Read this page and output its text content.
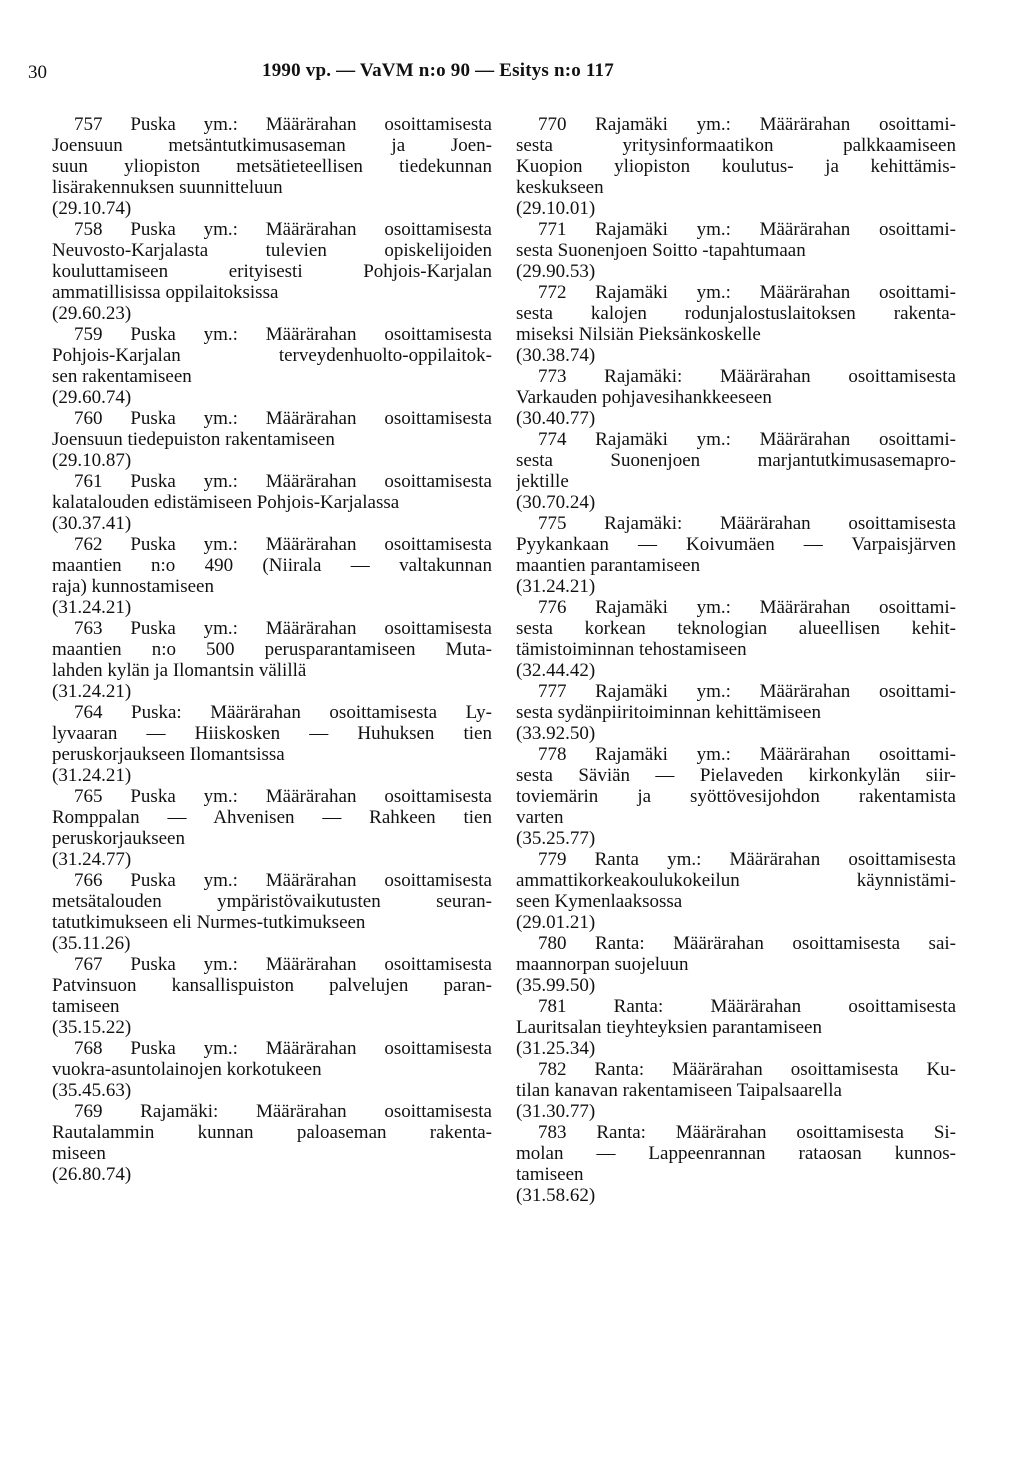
30	1990 vp. — VaVM n:o 90 — Esitys n:o 117
757 Puska ym.: Määrärahan osoittamisesta
Joensuun metsäntutkimusaseman ja Joen-
suun yliopiston metsätieteellisen tiedekunnan
lisärakennuksen suunnitteluun
(29.10.74)
758 Puska ym.: Määrärahan osoittamisesta
Neuvosto-Karjalasta tulevien opiskelijoiden
kouluttamiseen erityisesti Pohjois-Karjalan
ammatillisissa oppilaitoksissa
(29.60.23)
759 Puska ym.: Määrärahan osoittamisesta
Pohjois-Karjalan terveydenhuolto-oppilaitok-
sen rakentamiseen
(29.60.74)
760 Puska ym.: Määrärahan osoittamisesta
Joensuun tiedepuiston rakentamiseen
(29.10.87)
761 Puska ym.: Määrärahan osoittamisesta
kalatalouden edistämiseen Pohjois-Karjalassa
(30.37.41)
762 Puska ym.: Määrärahan osoittamisesta
maantien n:o 490 (Niirala — valtakunnan
raja) kunnostamiseen
(31.24.21)
763 Puska ym.: Määrärahan osoittamisesta
maantien n:o 500 perusparantamiseen Muta-
lahden kylän ja Ilomantsin välillä
(31.24.21)
764 Puska: Määrärahan osoittamisesta Ly-
lyvaaran — Hiiskosken — Huhuksen tien
peruskorjaukseen Ilomantsissa
(31.24.21)
765 Puska ym.: Määrärahan osoittamisesta
Romppalan — Ahvenisen — Rahkeen tien
peruskorjaukseen
(31.24.77)
766 Puska ym.: Määrärahan osoittamisesta
metsätalouden ympäristövaikutusten seuran-
tatutkimukseen eli Nurmes-tutkimukseen
(35.11.26)
767 Puska ym.: Määrärahan osoittamisesta
Patvinsuon kansallispuiston palvelujen paran-
tamiseen
(35.15.22)
768 Puska ym.: Määrärahan osoittamisesta
vuokra-asuntolainojen korkotukeen
(35.45.63)
769 Rajamäki: Määrärahan osoittamisesta
Rautalammin kunnan paloaseman rakenta-
miseen
(26.80.74)
770 Rajamäki ym.: Määrärahan osoittami-
sesta yritysinformaatikon palkkaamiseen
Kuopion yliopiston koulutus- ja kehittämis-
keskukseen
(29.10.01)
771 Rajamäki ym.: Määrärahan osoittami-
sesta Suonenjoen Soitto -tapahtumaan
(29.90.53)
772 Rajamäki ym.: Määrärahan osoittami-
sesta kalojen rodunjalostuslaitoksen rakenta-
miseksi Nilsiän Pieksänkoskelle
(30.38.74)
773 Rajamäki: Määrärahan osoittamisesta
Varkauden pohjavesihankkeeseen
(30.40.77)
774 Rajamäki ym.: Määrärahan osoittami-
sesta Suonenjoen marjantutkimusasemapro-
jektille
(30.70.24)
775 Rajamäki: Määrärahan osoittamisesta
Pyykankaan — Koivumäen — Varpaisjärven
maantien parantamiseen
(31.24.21)
776 Rajamäki ym.: Määrärahan osoittami-
sesta korkean teknologian alueellisen kehit-
tämistoiminnan tehostamiseen
(32.44.42)
777 Rajamäki ym.: Määrärahan osoittami-
sesta sydänpiiritoiminnan kehittämiseen
(33.92.50)
778 Rajamäki ym.: Määrärahan osoittami-
sesta Säviän — Pielaveden kirkonkylän siir-
toviemärin ja syöttövesijohdon rakentamista
varten
(35.25.77)
779 Ranta ym.: Määrärahan osoittamisesta
ammattikorkeakoulukokeilun käynnistämi-
seen Kymenlaaksossa
(29.01.21)
780 Ranta: Määrärahan osoittamisesta sai-
maannorpan suojeluun
(35.99.50)
781 Ranta: Määrärahan osoittamisesta
Lauritsalan tieyhteyksien parantamiseen
(31.25.34)
782 Ranta: Määrärahan osoittamisesta Ku-
tilan kanavan rakentamiseen Taipalsaarella
(31.30.77)
783 Ranta: Määrärahan osoittamisesta Si-
molan — Lappeenrannan rataosan kunnos-
tamiseen
(31.58.62)
